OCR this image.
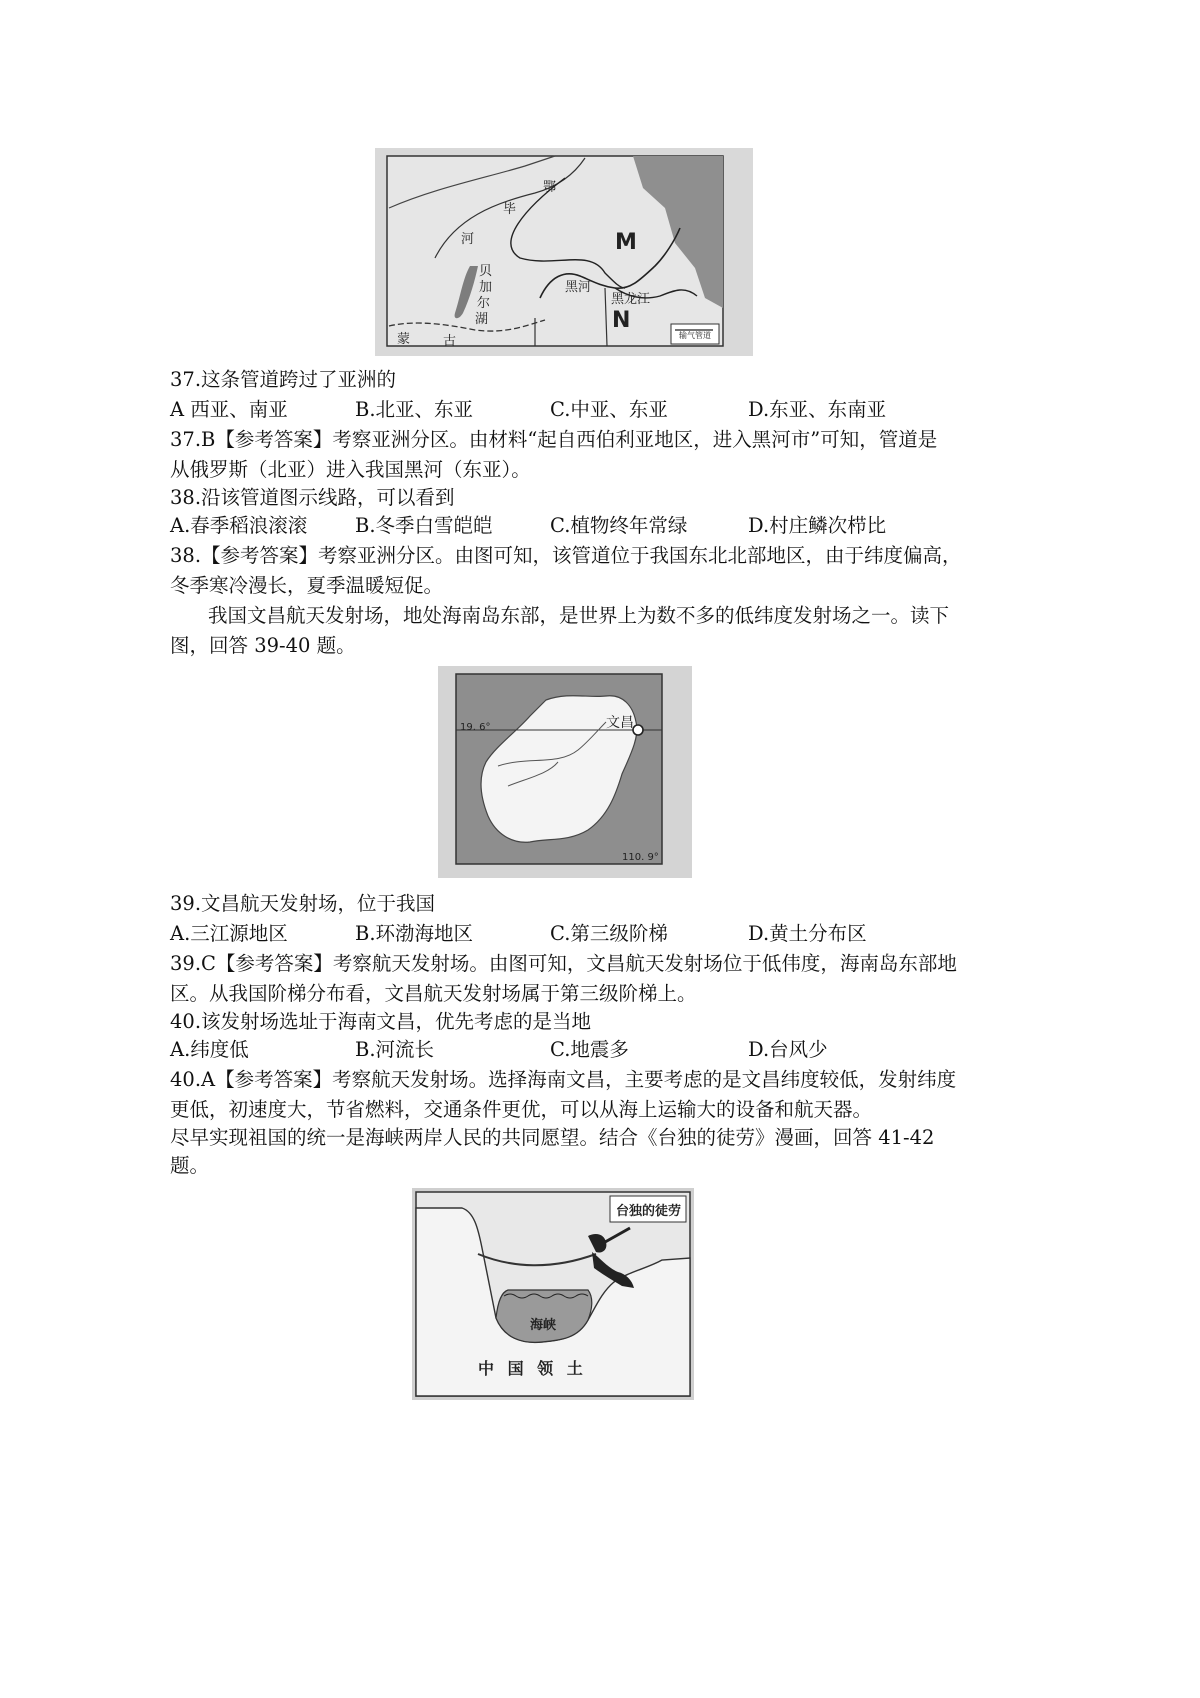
M
N
黑河
黑龙江
贝
加
尔
湖
鄂
毕
河
蒙	古	输气管道
37.这条管道跨过了亚洲的
A 西亚、南亚	B.北亚、东亚	C.中亚、东亚	D.东亚、东南亚
37.B【参考答案】考察亚洲分区。由材料“起自西伯利亚地区，进入黑河市”可知，管道是
从俄罗斯（北亚）进入我国黑河（东亚）。
38.沿该管道图示线路，可以看到
A.春季稻浪滚滚 B.冬季白雪皑皑	C.植物终年常绿	D.村庄鳞次栉比
38.【参考答案】考察亚洲分区。由图可知，该管道位于我国东北北部地区，由于纬度偏高，
冬季寒冷漫长，夏季温暖短促。
我国文昌航天发射场，地处海南岛东部，是世界上为数不多的低纬度发射场之一。读下
图，回答 39-40 题。
文昌
19. 6°
110. 9°
39.文昌航天发射场，位于我国
A.三江源地区	B.环渤海地区	C.第三级阶梯	D.黄土分布区
39.C【参考答案】考察航天发射场。由图可知，文昌航天发射场位于低伟度，海南岛东部地
区。从我国阶梯分布看，文昌航天发射场属于第三级阶梯上。
40.该发射场选址于海南文昌，优先考虑的是当地
A.纬度低	B.河流长	C.地震多	D.台风少
40.A【参考答案】考察航天发射场。选择海南文昌，主要考虑的是文昌纬度较低，发射纬度
更低，初速度大，节省燃料，交通条件更优，可以从海上运输大的设备和航天器。
尽早实现祖国的统一是海峡两岸人民的共同愿望。结合《台独的徒劳》漫画，回答 41-42
题。
台独的徒劳
海峡
中 国 领 土
